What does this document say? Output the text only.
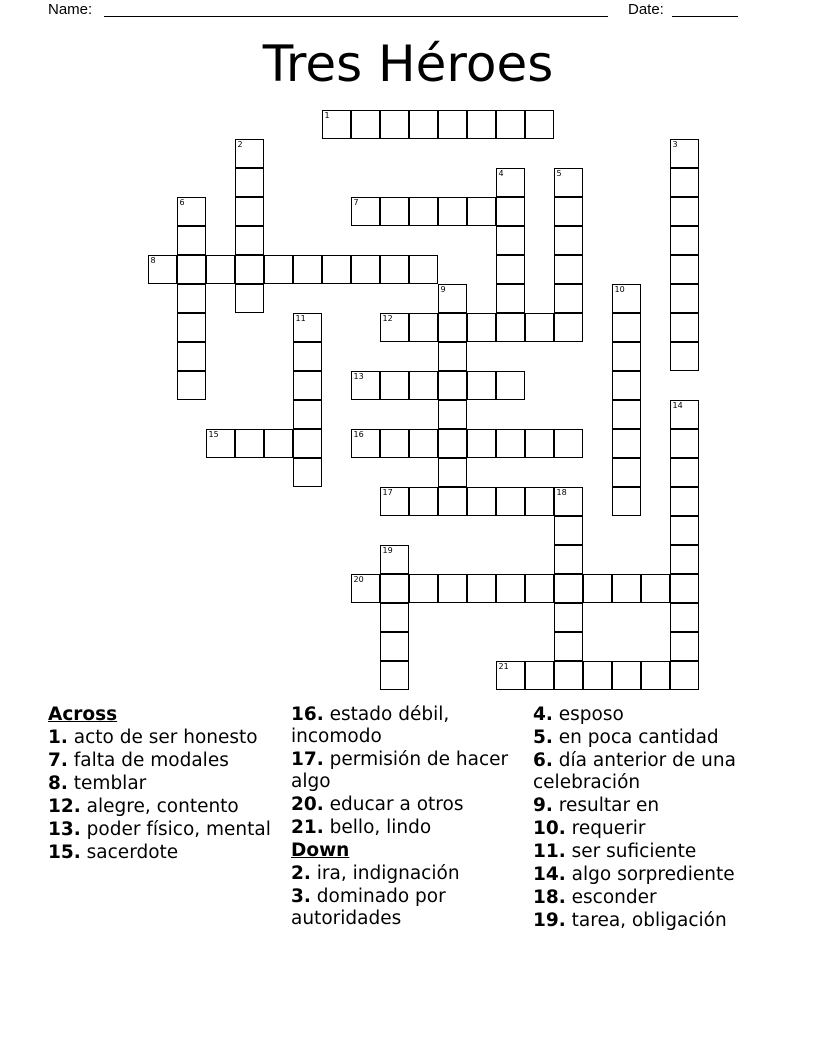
Name:	Date:
Tres Héroes
1
2	3
4	5
6	7
8
9	10
11	12
13
14
15	16
17	18
19
20
21
Across
1. acto de ser honesto
7. falta de modales
8. temblar
12. alegre, contento
13. poder físico, mental
15. sacerdote
16. estado débil, incomodo
17. permisión de hacer algo
20. educar a otros
21. bello, lindo
Down
2. ira, indignación
3. dominado por autoridades
4. esposo
5. en poca cantidad
6. día anterior de una celebración
9. resultar en
10. requerir
11. ser suficiente
14. algo sorprediente
18. esconder
19. tarea, obligación
